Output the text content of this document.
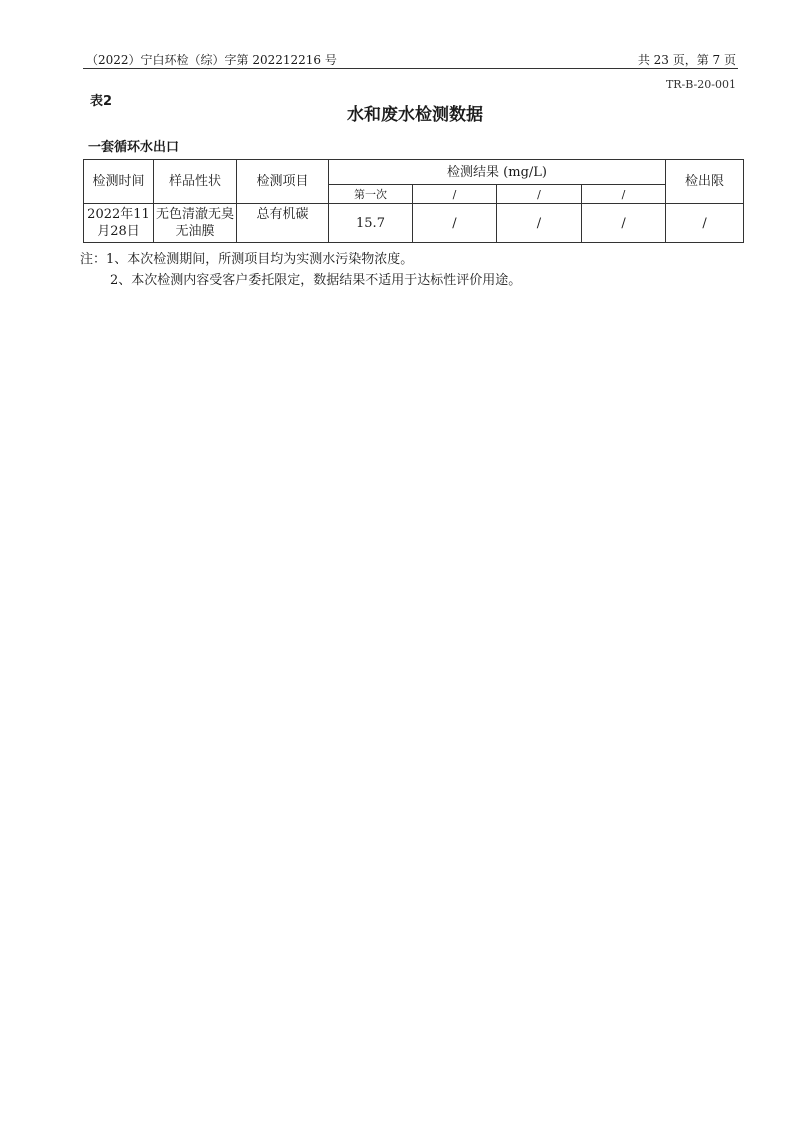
（2022）宁白环检（综）字第 202212216 号	共 23 页，第 7 页
TR-B-20-001
表2
水和废水检测数据
一套循环水出口
检测时间	样品性状	检测项目	检测结果 (mg/L)				检出限
			第一次	/	/	/	
2022年11月28日	无色清澈无臭无油膜	总有机碳	15.7	/	/	/	/
注：1、本次检测期间，所测项目均为实测水污染物浓度。
2、本次检测内容受客户委托限定，数据结果不适用于达标性评价用途。
